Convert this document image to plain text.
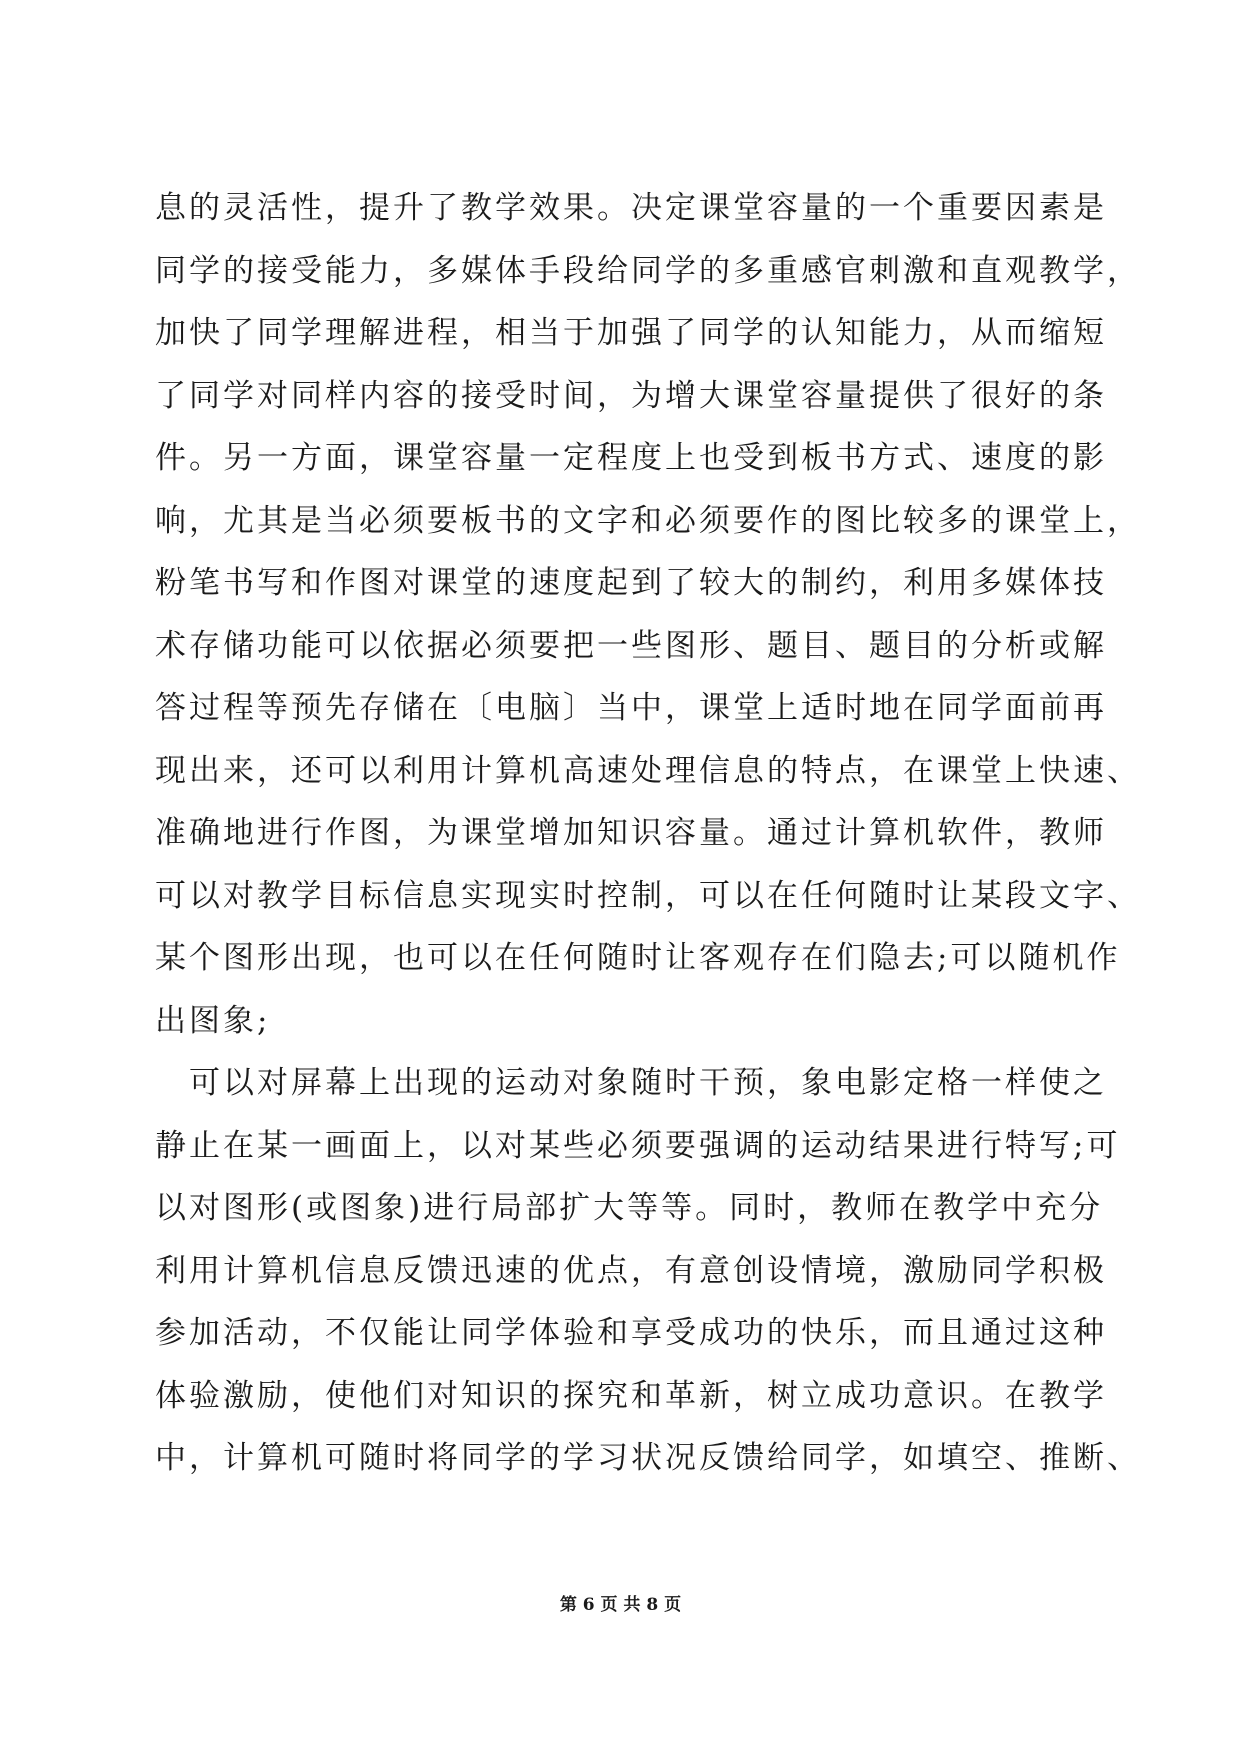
息的灵活性，提升了教学效果。决定课堂容量的一个重要因素是
同学的接受能力，多媒体手段给同学的多重感官刺激和直观教学，
加快了同学理解进程，相当于加强了同学的认知能力，从而缩短
了同学对同样内容的接受时间，为增大课堂容量提供了很好的条
件。另一方面，课堂容量一定程度上也受到板书方式、速度的影
响，尤其是当必须要板书的文字和必须要作的图比较多的课堂上，
粉笔书写和作图对课堂的速度起到了较大的制约，利用多媒体技
术存储功能可以依据必须要把一些图形、题目、题目的分析或解
答过程等预先存储在〔电脑〕当中，课堂上适时地在同学面前再
现出来，还可以利用计算机高速处理信息的特点，在课堂上快速、
准确地进行作图，为课堂增加知识容量。通过计算机软件，教师
可以对教学目标信息实现实时控制，可以在任何随时让某段文字、
某个图形出现，也可以在任何随时让客观存在们隐去;可以随机作
出图象;
　可以对屏幕上出现的运动对象随时干预，象电影定格一样使之
静止在某一画面上，以对某些必须要强调的运动结果进行特写;可
以对图形(或图象)进行局部扩大等等。同时，教师在教学中充分
利用计算机信息反馈迅速的优点，有意创设情境，激励同学积极
参加活动，不仅能让同学体验和享受成功的快乐，而且通过这种
体验激励，使他们对知识的探究和革新，树立成功意识。在教学
中，计算机可随时将同学的学习状况反馈给同学，如填空、推断、
第 6 页 共 8 页
